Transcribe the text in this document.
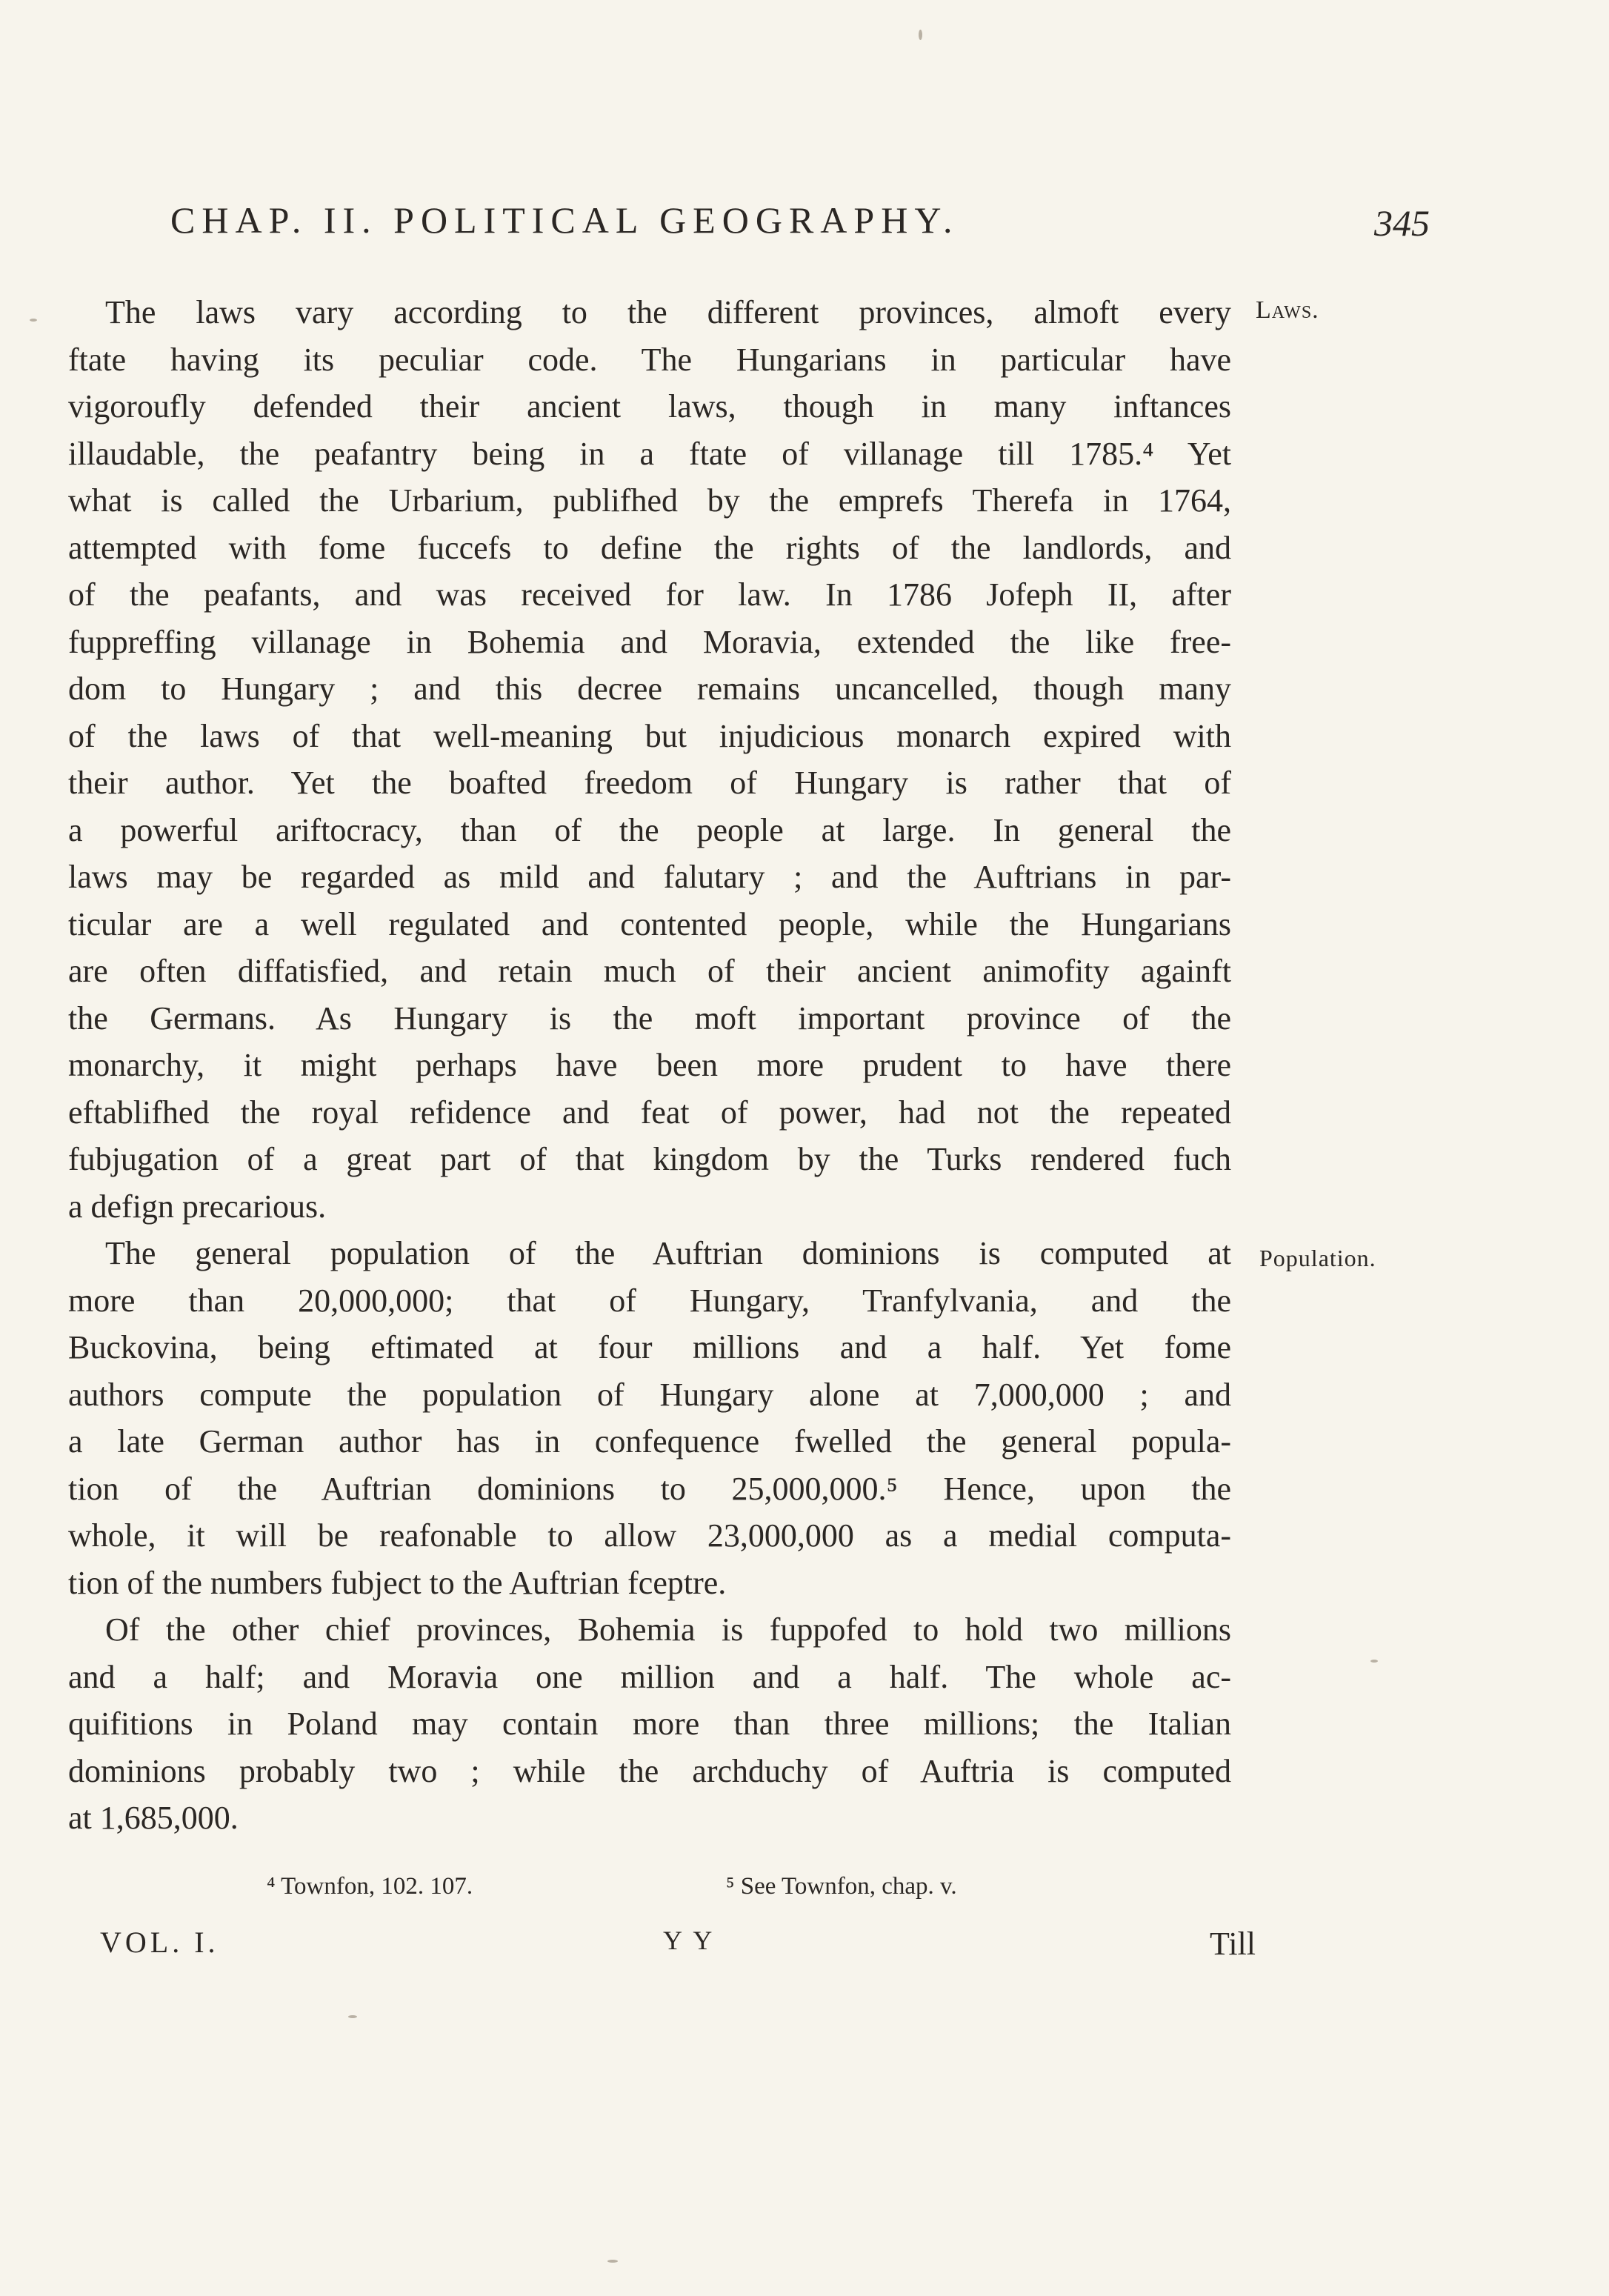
CHAP. II. POLITICAL GEOGRAPHY.	345
Laws.
Population.
The laws vary according to the different provinces, almoft every
ftate having its peculiar code. The Hungarians in particular have
vigoroufly defended their ancient laws, though in many inftances
illaudable, the peafantry being in a ftate of villanage till 1785.⁴ Yet
what is called the Urbarium, publifhed by the emprefs Therefa in 1764,
attempted with fome fuccefs to define the rights of the landlords, and
of the peafants, and was received for law. In 1786 Jofeph II, after
fuppreffing villanage in Bohemia and Moravia, extended the like free-
dom to Hungary ; and this decree remains uncancelled, though many
of the laws of that well-meaning but injudicious monarch expired with
their author. Yet the boafted freedom of Hungary is rather that of
a powerful ariftocracy, than of the people at large. In general the
laws may be regarded as mild and falutary ; and the Auftrians in par-
ticular are a well regulated and contented people, while the Hungarians
are often diffatisfied, and retain much of their ancient animofity againft
the Germans. As Hungary is the moft important province of the
monarchy, it might perhaps have been more prudent to have there
eftablifhed the royal refidence and feat of power, had not the repeated
fubjugation of a great part of that kingdom by the Turks rendered fuch
a defign precarious.
The general population of the Auftrian dominions is computed at
more than 20,000,000; that of Hungary, Tranfylvania, and the
Buckovina, being eftimated at four millions and a half. Yet fome
authors compute the population of Hungary alone at 7,000,000 ; and
a late German author has in confequence fwelled the general popula-
tion of the Auftrian dominions to 25,000,000.⁵ Hence, upon the
whole, it will be reafonable to allow 23,000,000 as a medial computa-
tion of the numbers fubject to the Auftrian fceptre.
Of the other chief provinces, Bohemia is fuppofed to hold two millions
and a half; and Moravia one million and a half. The whole ac-
quifitions in Poland may contain more than three millions; the Italian
dominions probably two ; while the archduchy of Auftria is computed
at 1,685,000.
⁴ Townfon, 102. 107.	⁵ See Townfon, chap. v.
VOL. I.	Y Y	Till
